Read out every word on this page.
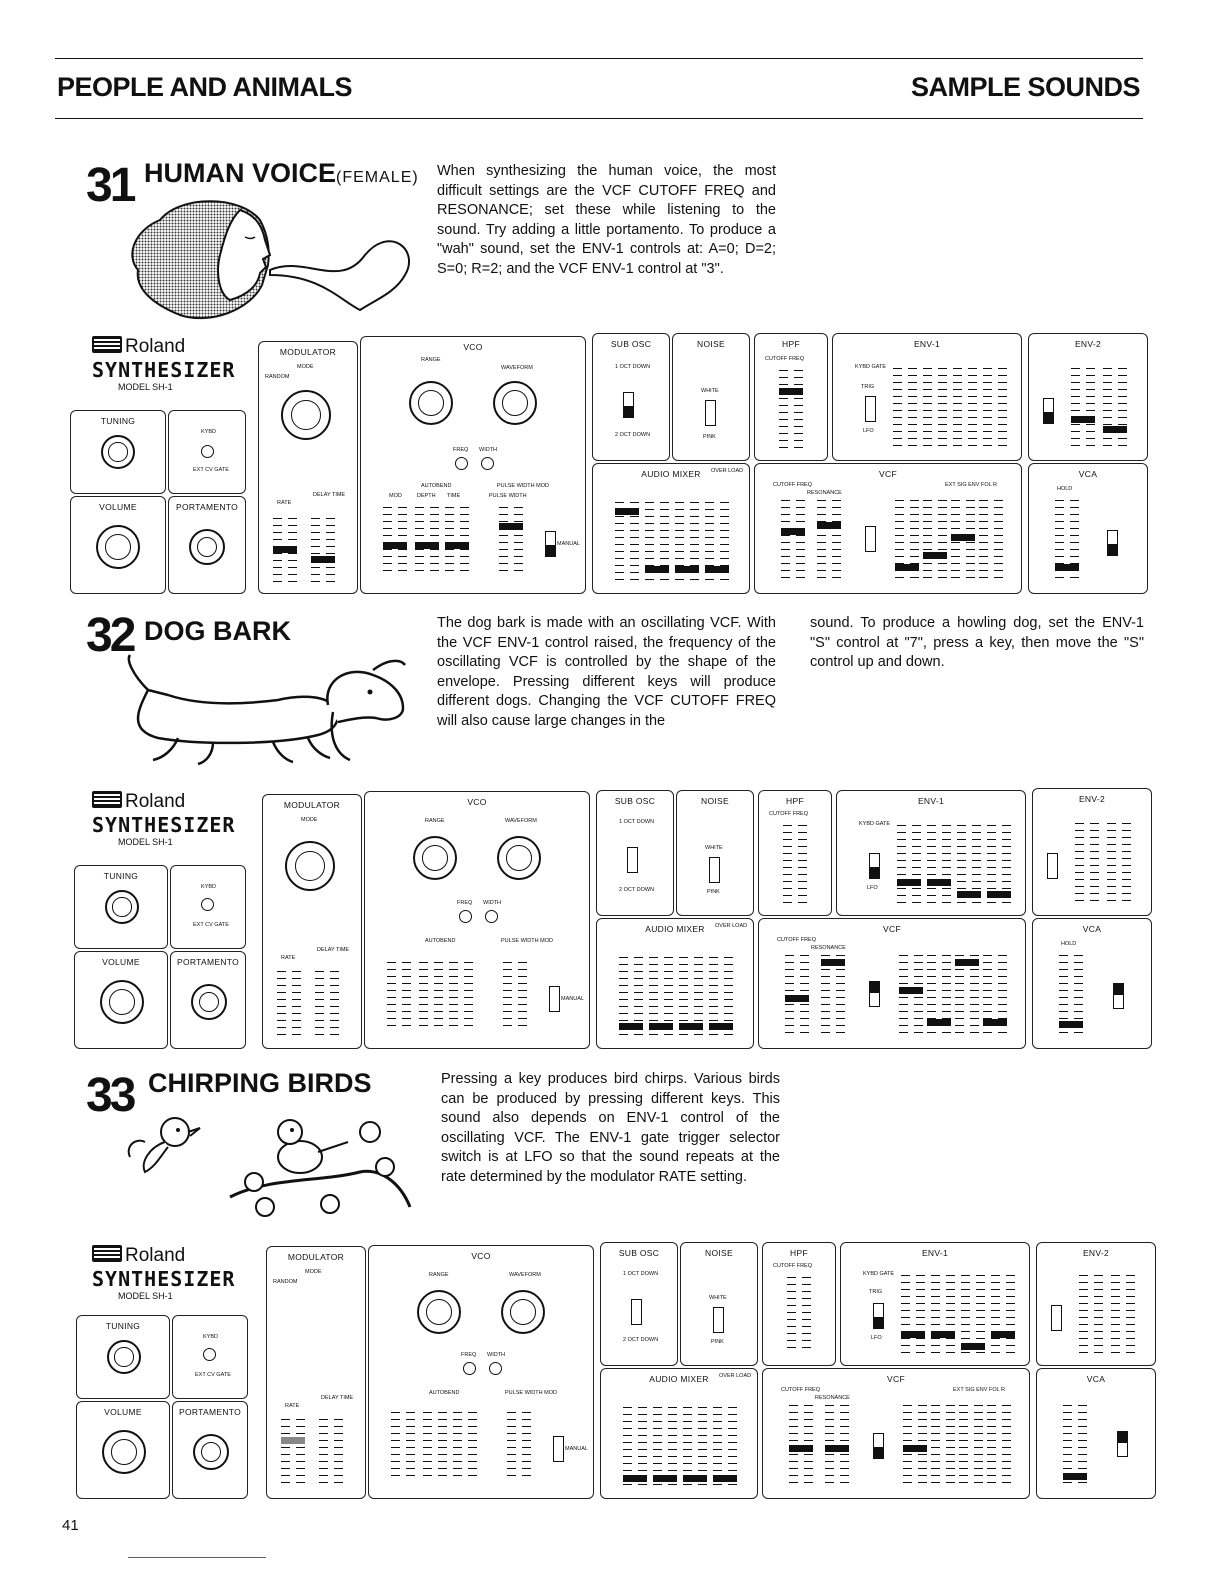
PEOPLE AND ANIMALS	SAMPLE SOUNDS
31 HUMAN VOICE(FEMALE) When synthesizing the human voice, the most difficult settings are the VCF CUTOFF FREQ and RESONANCE; set these while listening to the sound. Try adding a little portamento. To produce a "wah" sound, set the ENV-1 controls at: A=0; D=2; S=0; R=2; and the VCF ENV-1 control at "3".
Roland
SYNTHESIZER
MODEL SH-1
TUNING
KYBD
EXT CV GATE
VOLUME	PORTAMENTO
MODULATOR
MODE
RANDOM
RATE
DELAY TIME
VCO
RANGE
WAVEFORM
FREQ WIDTH
AUTOBEND	PULSE WIDTH MOD
MOD	DEPTH TIME	PULSE WIDTH
MANUAL
SUB OSC
1 OCT DOWN
2 OCT DOWN
NOISE
WHITE
PINK
AUDIO MIXER	OVER LOAD
HPF
CUTOFF FREQ
ENV-1
KYBD GATE
TRIG
LFO
VCF
CUTOFF FREQ
RESONANCE
EXT SIG ENV FOL R
ENV-2
VCA
HOLD
32 DOG BARK	The dog bark is made with an oscillating VCF. With the VCF ENV-1 control raised, the frequency of the oscillating VCF is controlled by the shape of the envelope. Pressing different keys will produce different dogs. Changing the VCF CUTOFF FREQ will also cause large changes in the
sound. To produce a howling dog, set the ENV-1 "S" control at "7", press a key, then move the "S" control up and down.
Roland
SYNTHESIZER
MODEL SH-1
TUNING
KYBD
EXT CV GATE
VOLUME	PORTAMENTO
MODULATOR
MODE
RATE
DELAY TIME
VCO
RANGE	WAVEFORM
FREQ WIDTH
AUTOBEND	PULSE WIDTH MOD
MANUAL
SUB OSC
1 OCT DOWN
2 OCT DOWN
NOISE
WHITE
PINK
AUDIO MIXER	OVER LOAD
HPF
CUTOFF FREQ
ENV-1
KYBD GATE
LFO
VCF
CUTOFF FREQ
RESONANCE
ENV-2
VCA
HOLD
33 CHIRPING BIRDS	Pressing a key produces bird chirps. Various birds can be produced by pressing different keys. This sound also depends on ENV-1 control of the oscillating VCF. The ENV-1 gate trigger selector switch is at LFO so that the sound repeats at the rate determined by the modulator RATE setting.
Roland
SYNTHESIZER
MODEL SH-1
TUNING
KYBD
EXT CV GATE
VOLUME	PORTAMENTO
MODULATOR
MODE
RANDOM
RATE
DELAY TIME
VCO
RANGE	WAVEFORM
FREQ WIDTH
AUTOBEND	PULSE WIDTH MOD
MANUAL
SUB OSC
1 OCT DOWN
2 OCT DOWN
NOISE
WHITE
PINK
AUDIO MIXER	OVER LOAD
HPF
CUTOFF FREQ
ENV-1
KYBD GATE
TRIG
LFO
VCF
CUTOFF FREQ
RESONANCE
EXT SIG ENV FOL R
ENV-2
VCA
41
